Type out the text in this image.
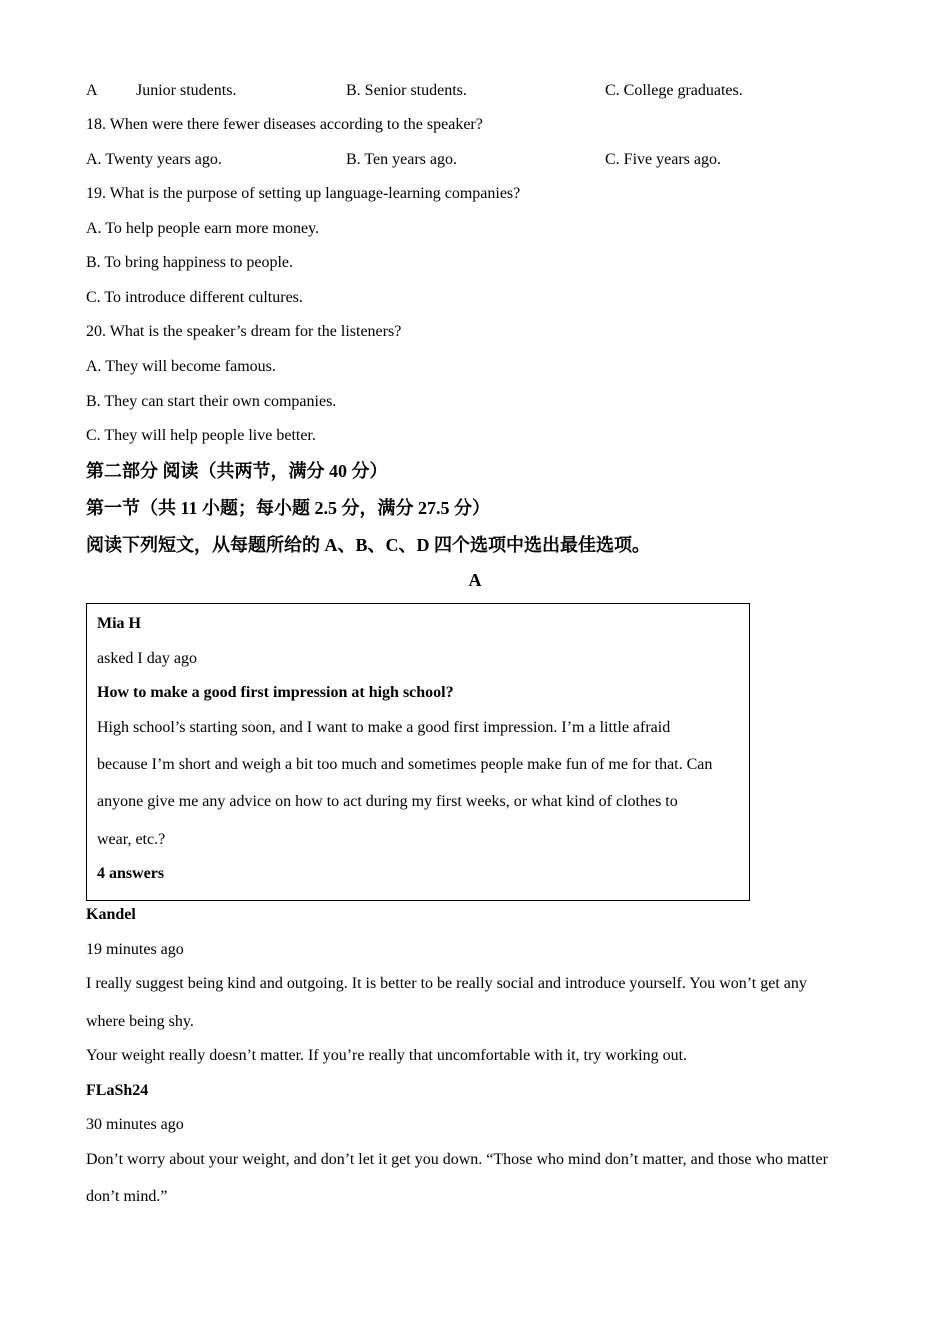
A Junior students.	B. Senior students.	C. College graduates.
18. When were there fewer diseases according to the speaker?
A. Twenty years ago.	B. Ten years ago.	C. Five years ago.
19. What is the purpose of setting up language-learning companies?
A. To help people earn more money.
B. To bring happiness to people.
C. To introduce different cultures.
20. What is the speaker’s dream for the listeners?
A. They will become famous.
B. They can start their own companies.
C. They will help people live better.
第二部分 阅读（共两节，满分 40 分）
第一节（共 11 小题；每小题 2.5 分，满分 27.5 分）
阅读下列短文，从每题所给的 A、B、C、D 四个选项中选出最佳选项。
A
Mia H
asked I day ago
How to make a good first impression at high school?
High school’s starting soon, and I want to make a good first impression. I’m a little afraid
because I’m short and weigh a bit too much and sometimes people make fun of me for that. Can
anyone give me any advice on how to act during my first weeks, or what kind of clothes to
wear, etc.?
4 answers
Kandel
19 minutes ago
I really suggest being kind and outgoing. It is better to be really social and introduce yourself. You won’t get any
where being shy.
Your weight really doesn’t matter. If you’re really that uncomfortable with it, try working out.
FLaSh24
30 minutes ago
Don’t worry about your weight, and don’t let it get you down. “Those who mind don’t matter, and those who matter
don’t mind.”
